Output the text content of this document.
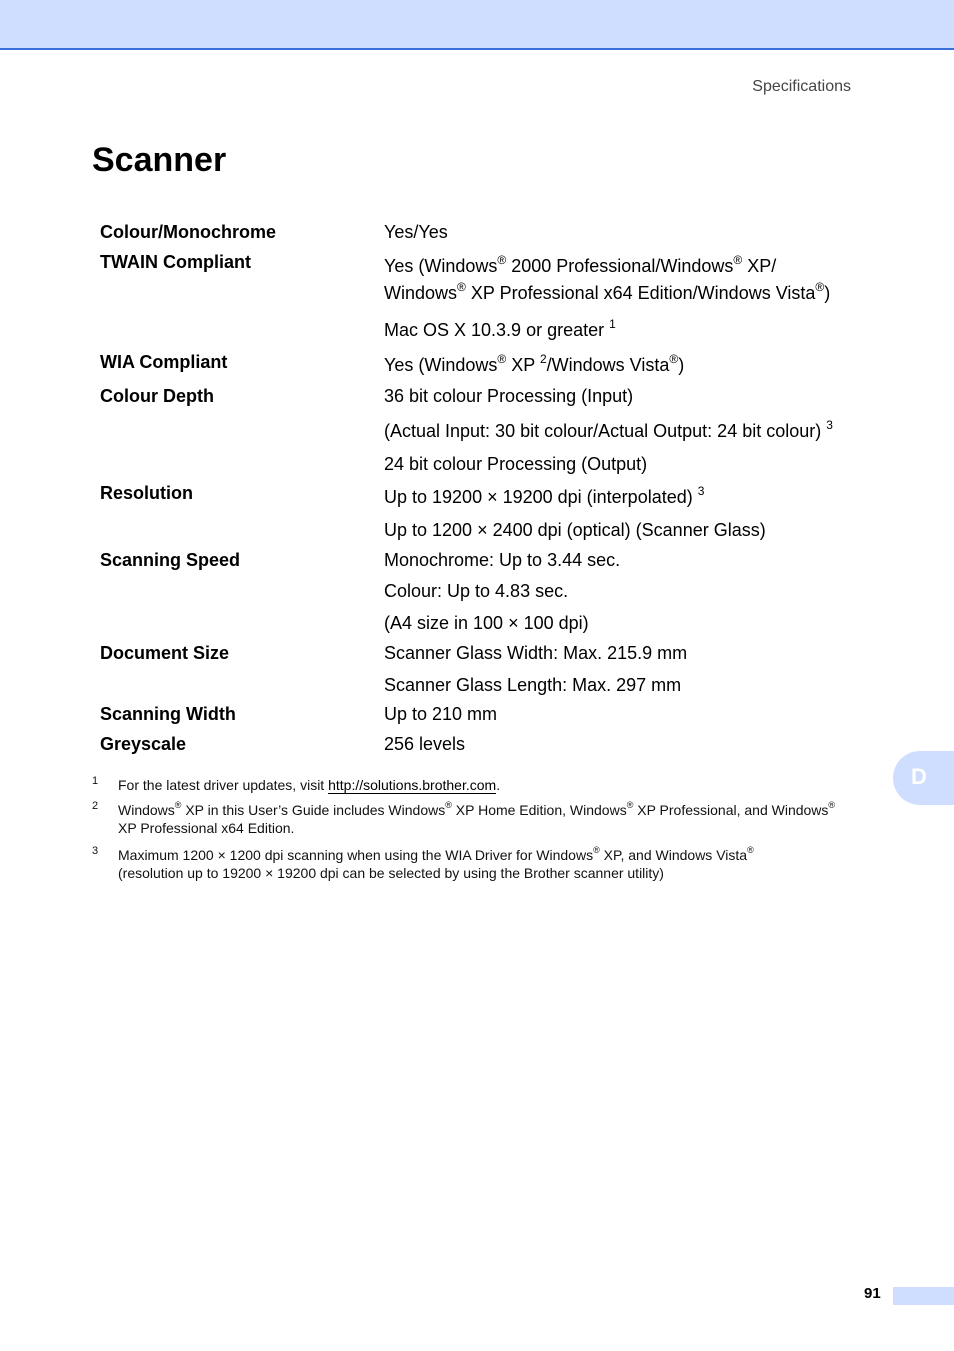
Specifications
Scanner
Colour/Monochrome	Yes/Yes
TWAIN Compliant	Yes (Windows® 2000 Professional/Windows® XP/
Windows® XP Professional x64 Edition/Windows Vista®)
Mac OS X 10.3.9 or greater $^1$
WIA Compliant	Yes (Windows® XP $^2$/Windows Vista®)
Colour Depth	36 bit colour Processing (Input)
(Actual Input: 30 bit colour/Actual Output: 24 bit colour) $^3$
24 bit colour Processing (Output)
Resolution	Up to 19200 × 19200 dpi (interpolated) $^3$
Up to 1200 × 2400 dpi (optical) (Scanner Glass)
Scanning Speed	Monochrome: Up to 3.44 sec.
Colour: Up to 4.83 sec.
(A4 size in 100 × 100 dpi)
Document Size	Scanner Glass Width: Max. 215.9 mm
Scanner Glass Length: Max. 297 mm
Scanning Width	Up to 210 mm
Greyscale	256 levels
1 For the latest driver updates, visit http://solutions.brother.com.
2 Windows® XP in this User’s Guide includes Windows® XP Home Edition, Windows® XP Professional, and Windows®
XP Professional x64 Edition.
3 Maximum 1200 × 1200 dpi scanning when using the WIA Driver for Windows® XP, and Windows Vista®
(resolution up to 19200 × 19200 dpi can be selected by using the Brother scanner utility)
D
91
